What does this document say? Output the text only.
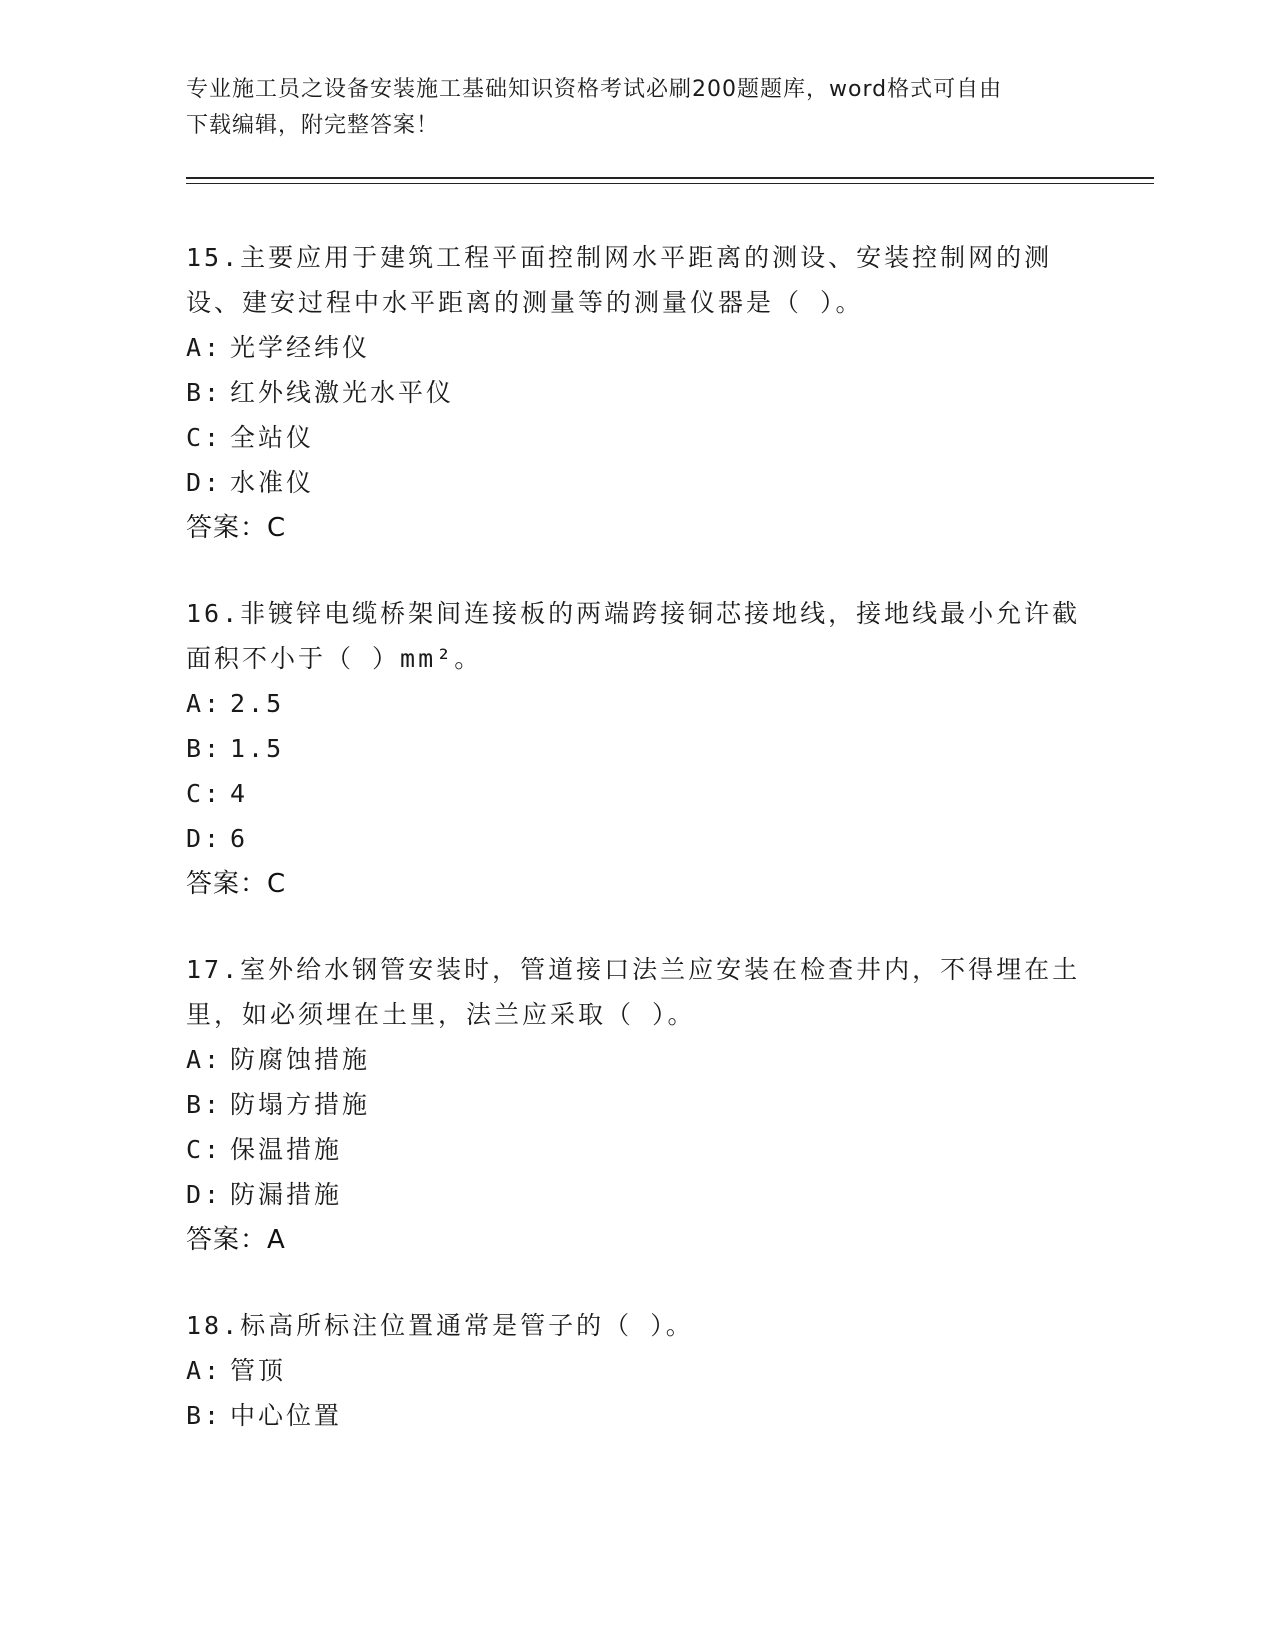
专业施工员之设备安装施工基础知识资格考试必刷200题题库，word格式可自由
下载编辑，附完整答案！
15.主要应用于建筑工程平面控制网水平距离的测设、安装控制网的测设、建安过程中水平距离的测量等的测量仪器是（ ）。
A: 光学经纬仪
B: 红外线激光水平仪
C: 全站仪
D: 水准仪
答案：C
16.非镀锌电缆桥架间连接板的两端跨接铜芯接地线，接地线最小允许截面积不小于（ ）mm²。
A: 2.5
B: 1.5
C: 4
D: 6
答案：C
17.室外给水钢管安装时，管道接口法兰应安装在检查井内，不得埋在土里，如必须埋在土里，法兰应采取（ ）。
A: 防腐蚀措施
B: 防塌方措施
C: 保温措施
D: 防漏措施
答案：A
18.标高所标注位置通常是管子的（ ）。
A: 管顶
B: 中心位置
